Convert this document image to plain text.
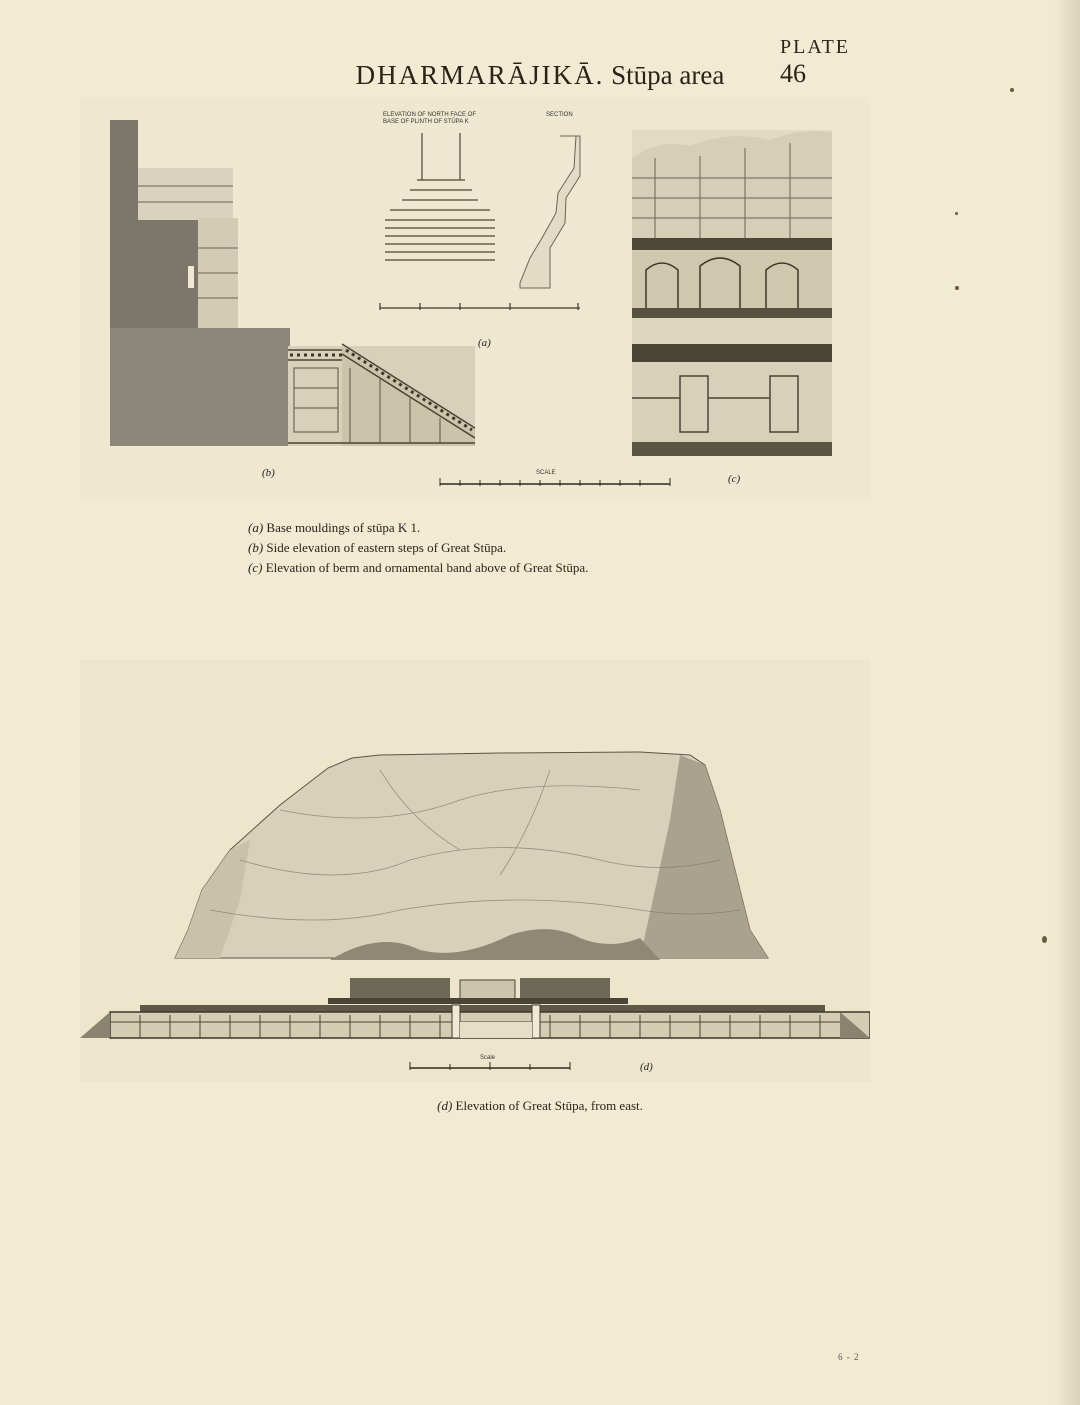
PLATE 46
DHARMARĀJIKĀ. Stūpa area
ELEVATION OF NORTH FACE OF
BASE OF PLINTH OF STŪPA K
SECTION
(a)
(c)
SCALE
(b)
(a) Base mouldings of stūpa K 1.
(b) Side elevation of eastern steps of Great Stūpa.
(c) Elevation of berm and ornamental band above of Great Stūpa.
Scale
(d)
(d) Elevation of Great Stūpa, from east.
6 - 2
